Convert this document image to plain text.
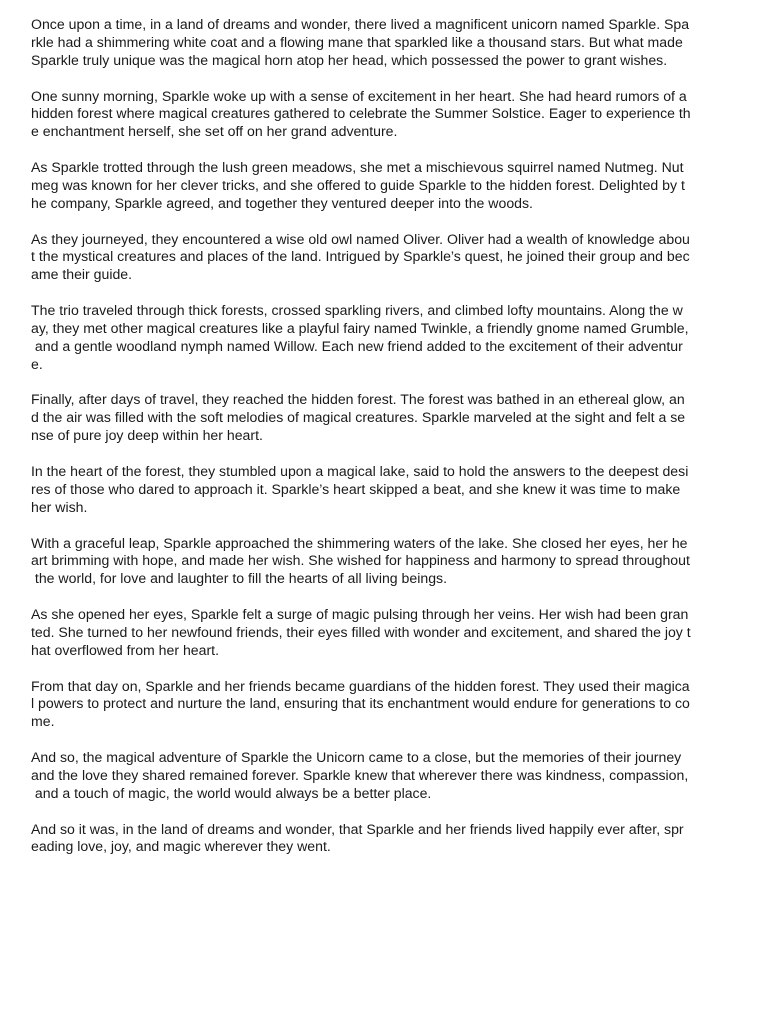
Once upon a time, in a land of dreams and wonder, there lived a magnificent unicorn named Sparkle. Spa
rkle had a shimmering white coat and a flowing mane that sparkled like a thousand stars. But what made
Sparkle truly unique was the magical horn atop her head, which possessed the power to grant wishes.

One sunny morning, Sparkle woke up with a sense of excitement in her heart. She had heard rumors of a
hidden forest where magical creatures gathered to celebrate the Summer Solstice. Eager to experience th
e enchantment herself, she set off on her grand adventure.

As Sparkle trotted through the lush green meadows, she met a mischievous squirrel named Nutmeg. Nut
meg was known for her clever tricks, and she offered to guide Sparkle to the hidden forest. Delighted by t
he company, Sparkle agreed, and together they ventured deeper into the woods.

As they journeyed, they encountered a wise old owl named Oliver. Oliver had a wealth of knowledge abou
t the mystical creatures and places of the land. Intrigued by Sparkle’s quest, he joined their group and bec
ame their guide.

The trio traveled through thick forests, crossed sparkling rivers, and climbed lofty mountains. Along the w
ay, they met other magical creatures like a playful fairy named Twinkle, a friendly gnome named Grumble,
and a gentle woodland nymph named Willow. Each new friend added to the excitement of their adventur
e.

Finally, after days of travel, they reached the hidden forest. The forest was bathed in an ethereal glow, an
d the air was filled with the soft melodies of magical creatures. Sparkle marveled at the sight and felt a se
nse of pure joy deep within her heart.

In the heart of the forest, they stumbled upon a magical lake, said to hold the answers to the deepest desi
res of those who dared to approach it. Sparkle’s heart skipped a beat, and she knew it was time to make
her wish.

With a graceful leap, Sparkle approached the shimmering waters of the lake. She closed her eyes, her he
art brimming with hope, and made her wish. She wished for happiness and harmony to spread throughout
the world, for love and laughter to fill the hearts of all living beings.

As she opened her eyes, Sparkle felt a surge of magic pulsing through her veins. Her wish had been gran
ted. She turned to her newfound friends, their eyes filled with wonder and excitement, and shared the joy t
hat overflowed from her heart.

From that day on, Sparkle and her friends became guardians of the hidden forest. They used their magica
l powers to protect and nurture the land, ensuring that its enchantment would endure for generations to co
me.

And so, the magical adventure of Sparkle the Unicorn came to a close, but the memories of their journey
and the love they shared remained forever. Sparkle knew that wherever there was kindness, compassion,
and a touch of magic, the world would always be a better place.

And so it was, in the land of dreams and wonder, that Sparkle and her friends lived happily ever after, spr
eading love, joy, and magic wherever they went.
